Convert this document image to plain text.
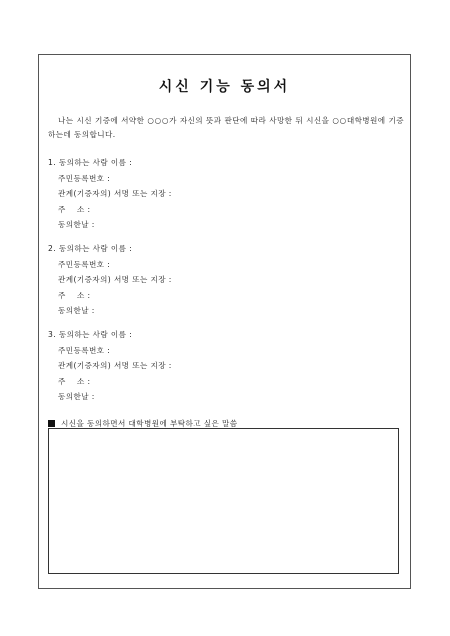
시신 기능 동의서
나는 시신 기증에 서약한 ○○○가 자신의 뜻과 판단에 따라 사망한 뒤 시신을 ○○대학병원에 기증하는데 동의합니다.
1. 동의하는 사람 이름 :
주민등록번호 :
관계(기증자의) 서명 또는 지장 :
주    소 :
동의한날 :
2. 동의하는 사람 이름 :
주민등록번호 :
관계(기증자의) 서명 또는 지장 :
주    소 :
동의한날 :
3. 동의하는 사람 이름 :
주민등록번호 :
관계(기증자의) 서명 또는 지장 :
주    소 :
동의한날 :
시신을 동의하면서 대학병원에 부탁하고 싶은 말씀
